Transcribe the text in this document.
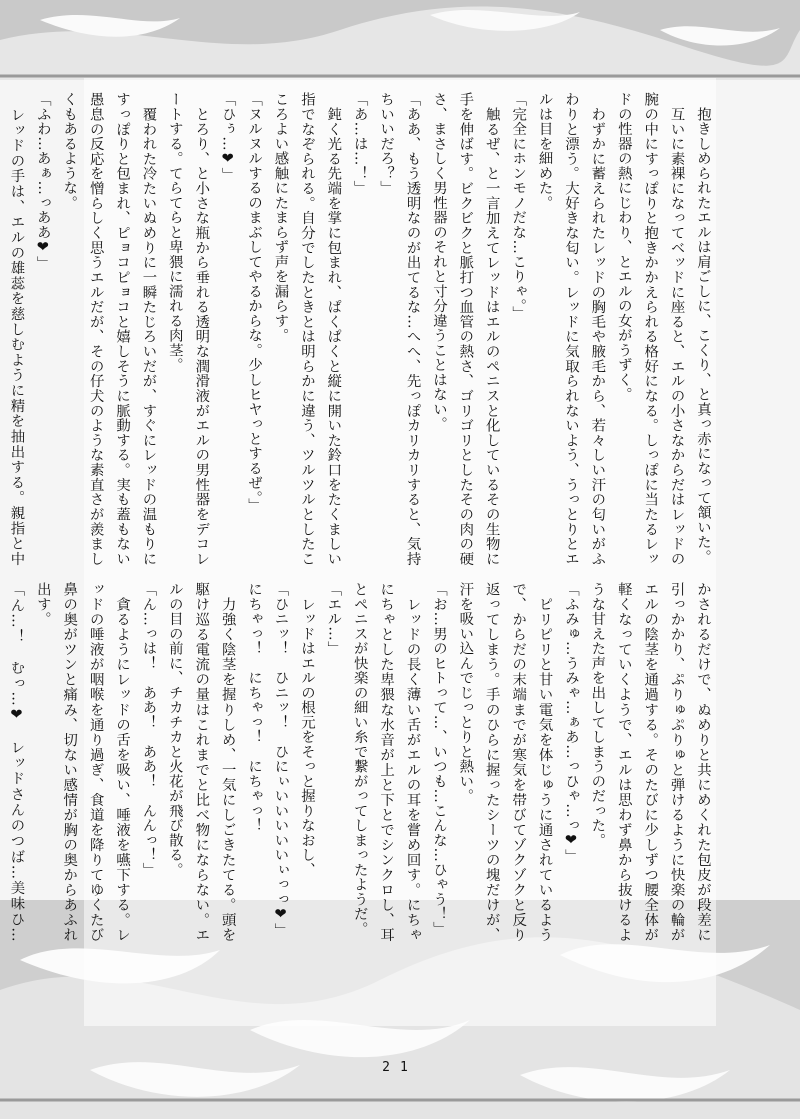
　抱きしめられたエルは肩ごしに、こくり、と真っ赤になって頷いた。
　互いに素裸になってベッドに座ると、エルの小さなからだはレッドの腕の中にすっぽりと抱きかかえられる格好になる。しっぽに当たるレッドの性器の熱にじわり、とエルの女がうずく。
　わずかに蓄えられたレッドの胸毛や腋毛から、若々しい汗の匂いがふわりと漂う。大好きな匂い。レッドに気取られないよう、うっとりとエルは目を細めた。
「完全にホンモノだな…こりゃ。」
　触るぜ、と一言加えてレッドはエルのペニスと化しているその生物に手を伸ばす。ビクビクと脈打つ血管の熱さ、ゴリゴリとしたその肉の硬さ、まさしく男性器のそれと寸分違うことはない。
「ああ、もう透明なのが出てるな…へへ、先っぽカリカリすると、気持ちいいだろ？」
「あ…は…！」
　鈍く光る先端を掌に包まれ、ぱくぱくと縦に開いた鈴口をたくましい指でなぞられる。自分でしたときとは明らかに違う、ツルツルとしたこころよい感触にたまらず声を漏らす。
「ヌルヌルするのまぶしてやるからな。少しヒヤっとするぜ。」
「ひぅ…❤」
　とろり、と小さな瓶から垂れる透明な潤滑液がエルの男性器をデコレートする。てらてらと卑猥に濡れる肉茎。
　覆われた冷たいぬめりに一瞬たじろいだが、すぐにレッドの温もりにすっぽりと包まれ、ピョコピョコと嬉しそうに脈動する。実も蓋もない愚息の反応を憎らしく思うエルだが、その仔犬のような素直さが羨ましくもあるような。
「ふわ…あぁ…っああ❤」
　レッドの手は、エルの雄蕊を慈しむように精を抽出する。親指と中
かされるだけで、ぬめりと共にめくれた包皮が段差に引っかかり、ぷりゅぷりゅと弾けるように快楽の輪がエルの陰茎を通過する。そのたびに少しずつ腰全体が軽くなっていくようで、エルは思わず鼻から抜けるような甘えた声を出してしまうのだった。
「ふみゅ…うみゃ…ぁあ…っひゃ…っ❤」
　ピリピリと甘い電気を体じゅうに通されているようで、からだの末端までが寒気を帯びてゾクゾクと反り返ってしまう。手のひらに握ったシーツの塊だけが、汗を吸い込んでじっとりと熱い。
「お…男のヒトって…、いつも…こんな…ひゃう！」
　レッドの長く薄い舌がエルの耳を嘗め回す。にちゃにちゃとした卑猥な水音が上と下とでシンクロし、耳とペニスが快楽の細い糸で繋がってしまったようだ。
「エル…」
　レッドはエルの根元をそっと握りなおし、
「ひニッ！　ひニッ！　ひにぃいいいいいぃっっ❤」
にちゃっ！　にちゃっ！　にちゃっ！
　力強く陰茎を握りしめ、一気にしごきたてる。頭を駆け巡る電流の量はこれまでと比べ物にならない。エルの目の前に、チカチカと火花が飛び散る。
「ん…っは！　ああ！　ああ！　んんっ！」
　貪るようにレッドの舌を吸い、唾液を嚥下する。レッドの唾液が咽喉を通り過ぎ、食道を降りてゆくたび鼻の奥がツンと痛み、切ない感情が胸の奥からあふれ出す。
「ん…！　むっ…❤　レッドさんのつば…美味ひ…
21
